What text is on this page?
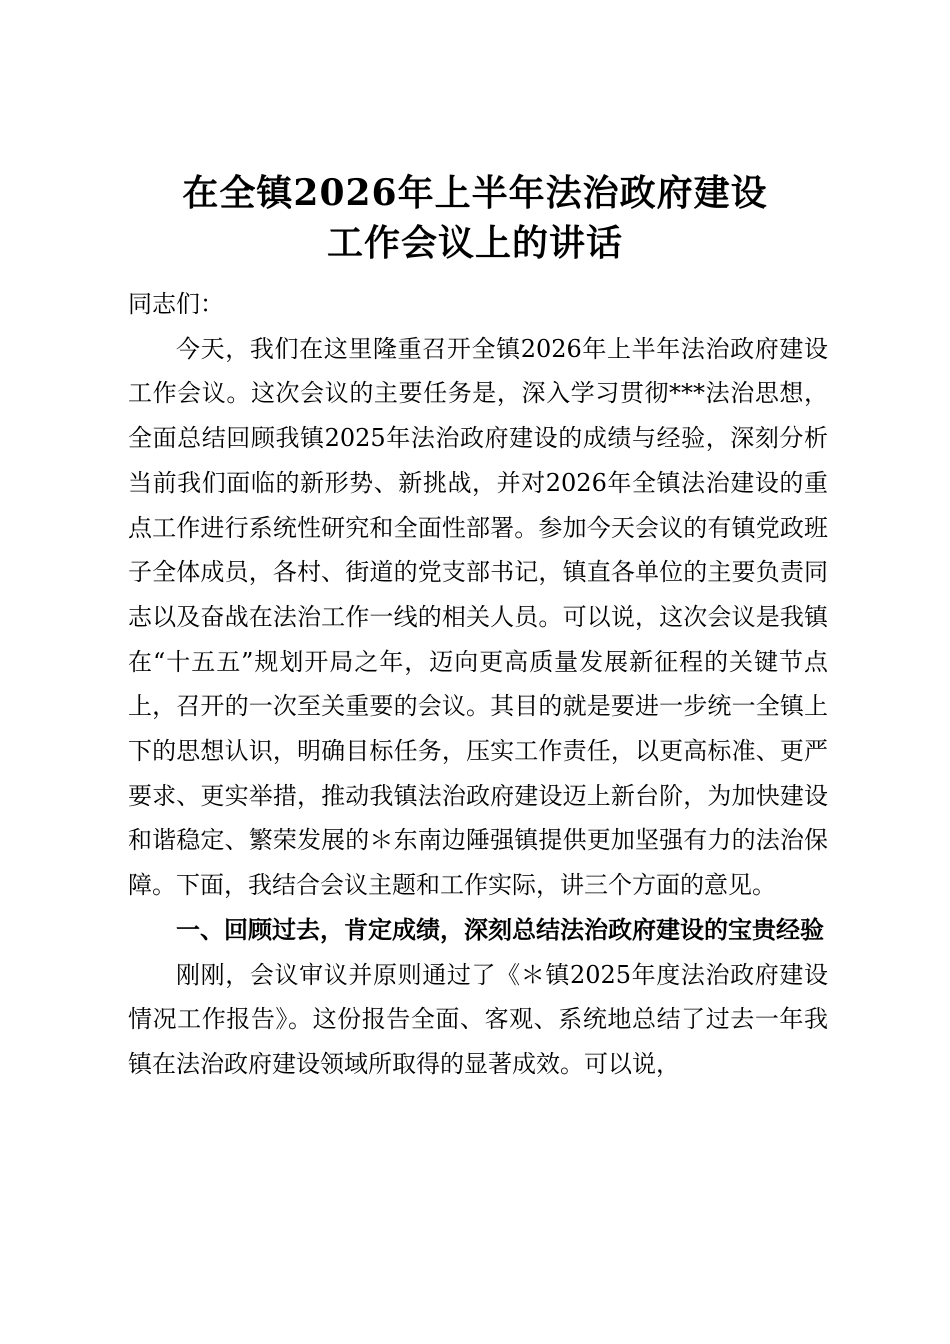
在全镇2026年上半年法治政府建设
工作会议上的讲话

同志们：

今天，我们在这里隆重召开全镇2026年上半年法治政府建设工作会议。这次会议的主要任务是，深入学习贯彻***法治思想，全面总结回顾我镇2025年法治政府建设的成绩与经验，深刻分析当前我们面临的新形势、新挑战，并对2026年全镇法治建设的重点工作进行系统性研究和全面性部署。参加今天会议的有镇党政班子全体成员，各村、街道的党支部书记，镇直各单位的主要负责同志以及奋战在法治工作一线的相关人员。可以说，这次会议是我镇在“十五五”规划开局之年，迈向更高质量发展新征程的关键节点上，召开的一次至关重要的会议。其目的就是要进一步统一全镇上下的思想认识，明确目标任务，压实工作责任，以更高标准、更严要求、更实举措，推动我镇法治政府建设迈上新台阶，为加快建设和谐稳定、繁荣发展的＊东南边陲强镇提供更加坚强有力的法治保障。下面，我结合会议主题和工作实际，讲三个方面的意见。

一、回顾过去，肯定成绩，深刻总结法治政府建设的宝贵经验

刚刚，会议审议并原则通过了《＊镇2025年度法治政府建设情况工作报告》。这份报告全面、客观、系统地总结了过去一年我镇在法治政府建设领域所取得的显著成效。可以说，
